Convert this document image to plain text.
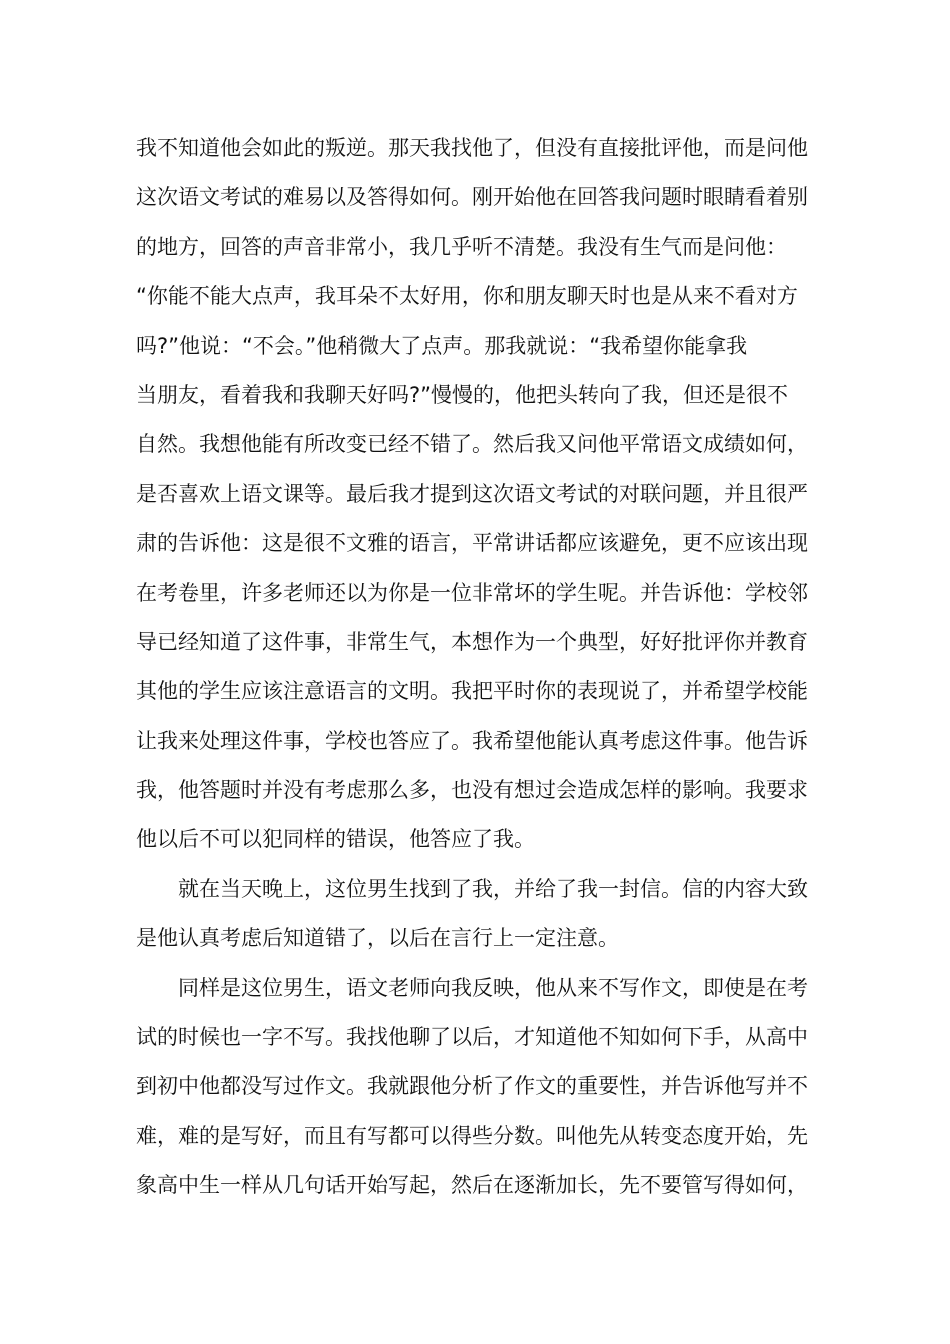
我不知道他会如此的叛逆。那天我找他了，但没有直接批评他，而是问他
这次语文考试的难易以及答得如何。刚开始他在回答我问题时眼睛看着别
的地方，回答的声音非常小，我几乎听不清楚。我没有生气而是问他：
“你能不能大点声，我耳朵不太好用，你和朋友聊天时也是从来不看对方
吗?”他说：“不会。”他稍微大了点声。那我就说：“我希望你能拿我
当朋友，看着我和我聊天好吗?”慢慢的，他把头转向了我，但还是很不
自然。我想他能有所改变已经不错了。然后我又问他平常语文成绩如何，
是否喜欢上语文课等。最后我才提到这次语文考试的对联问题，并且很严
肃的告诉他：这是很不文雅的语言，平常讲话都应该避免，更不应该出现
在考卷里，许多老师还以为你是一位非常坏的学生呢。并告诉他：学校邻
导已经知道了这件事，非常生气，本想作为一个典型，好好批评你并教育
其他的学生应该注意语言的文明。我把平时你的表现说了，并希望学校能
让我来处理这件事，学校也答应了。我希望他能认真考虑这件事。他告诉
我，他答题时并没有考虑那么多，也没有想过会造成怎样的影响。我要求
他以后不可以犯同样的错误，他答应了我。
就在当天晚上，这位男生找到了我，并给了我一封信。信的内容大致
是他认真考虑后知道错了，以后在言行上一定注意。
同样是这位男生，语文老师向我反映，他从来不写作文，即使是在考
试的时候也一字不写。我找他聊了以后，才知道他不知如何下手，从高中
到初中他都没写过作文。我就跟他分析了作文的重要性，并告诉他写并不
难，难的是写好，而且有写都可以得些分数。叫他先从转变态度开始，先
象高中生一样从几句话开始写起，然后在逐渐加长，先不要管写得如何，
